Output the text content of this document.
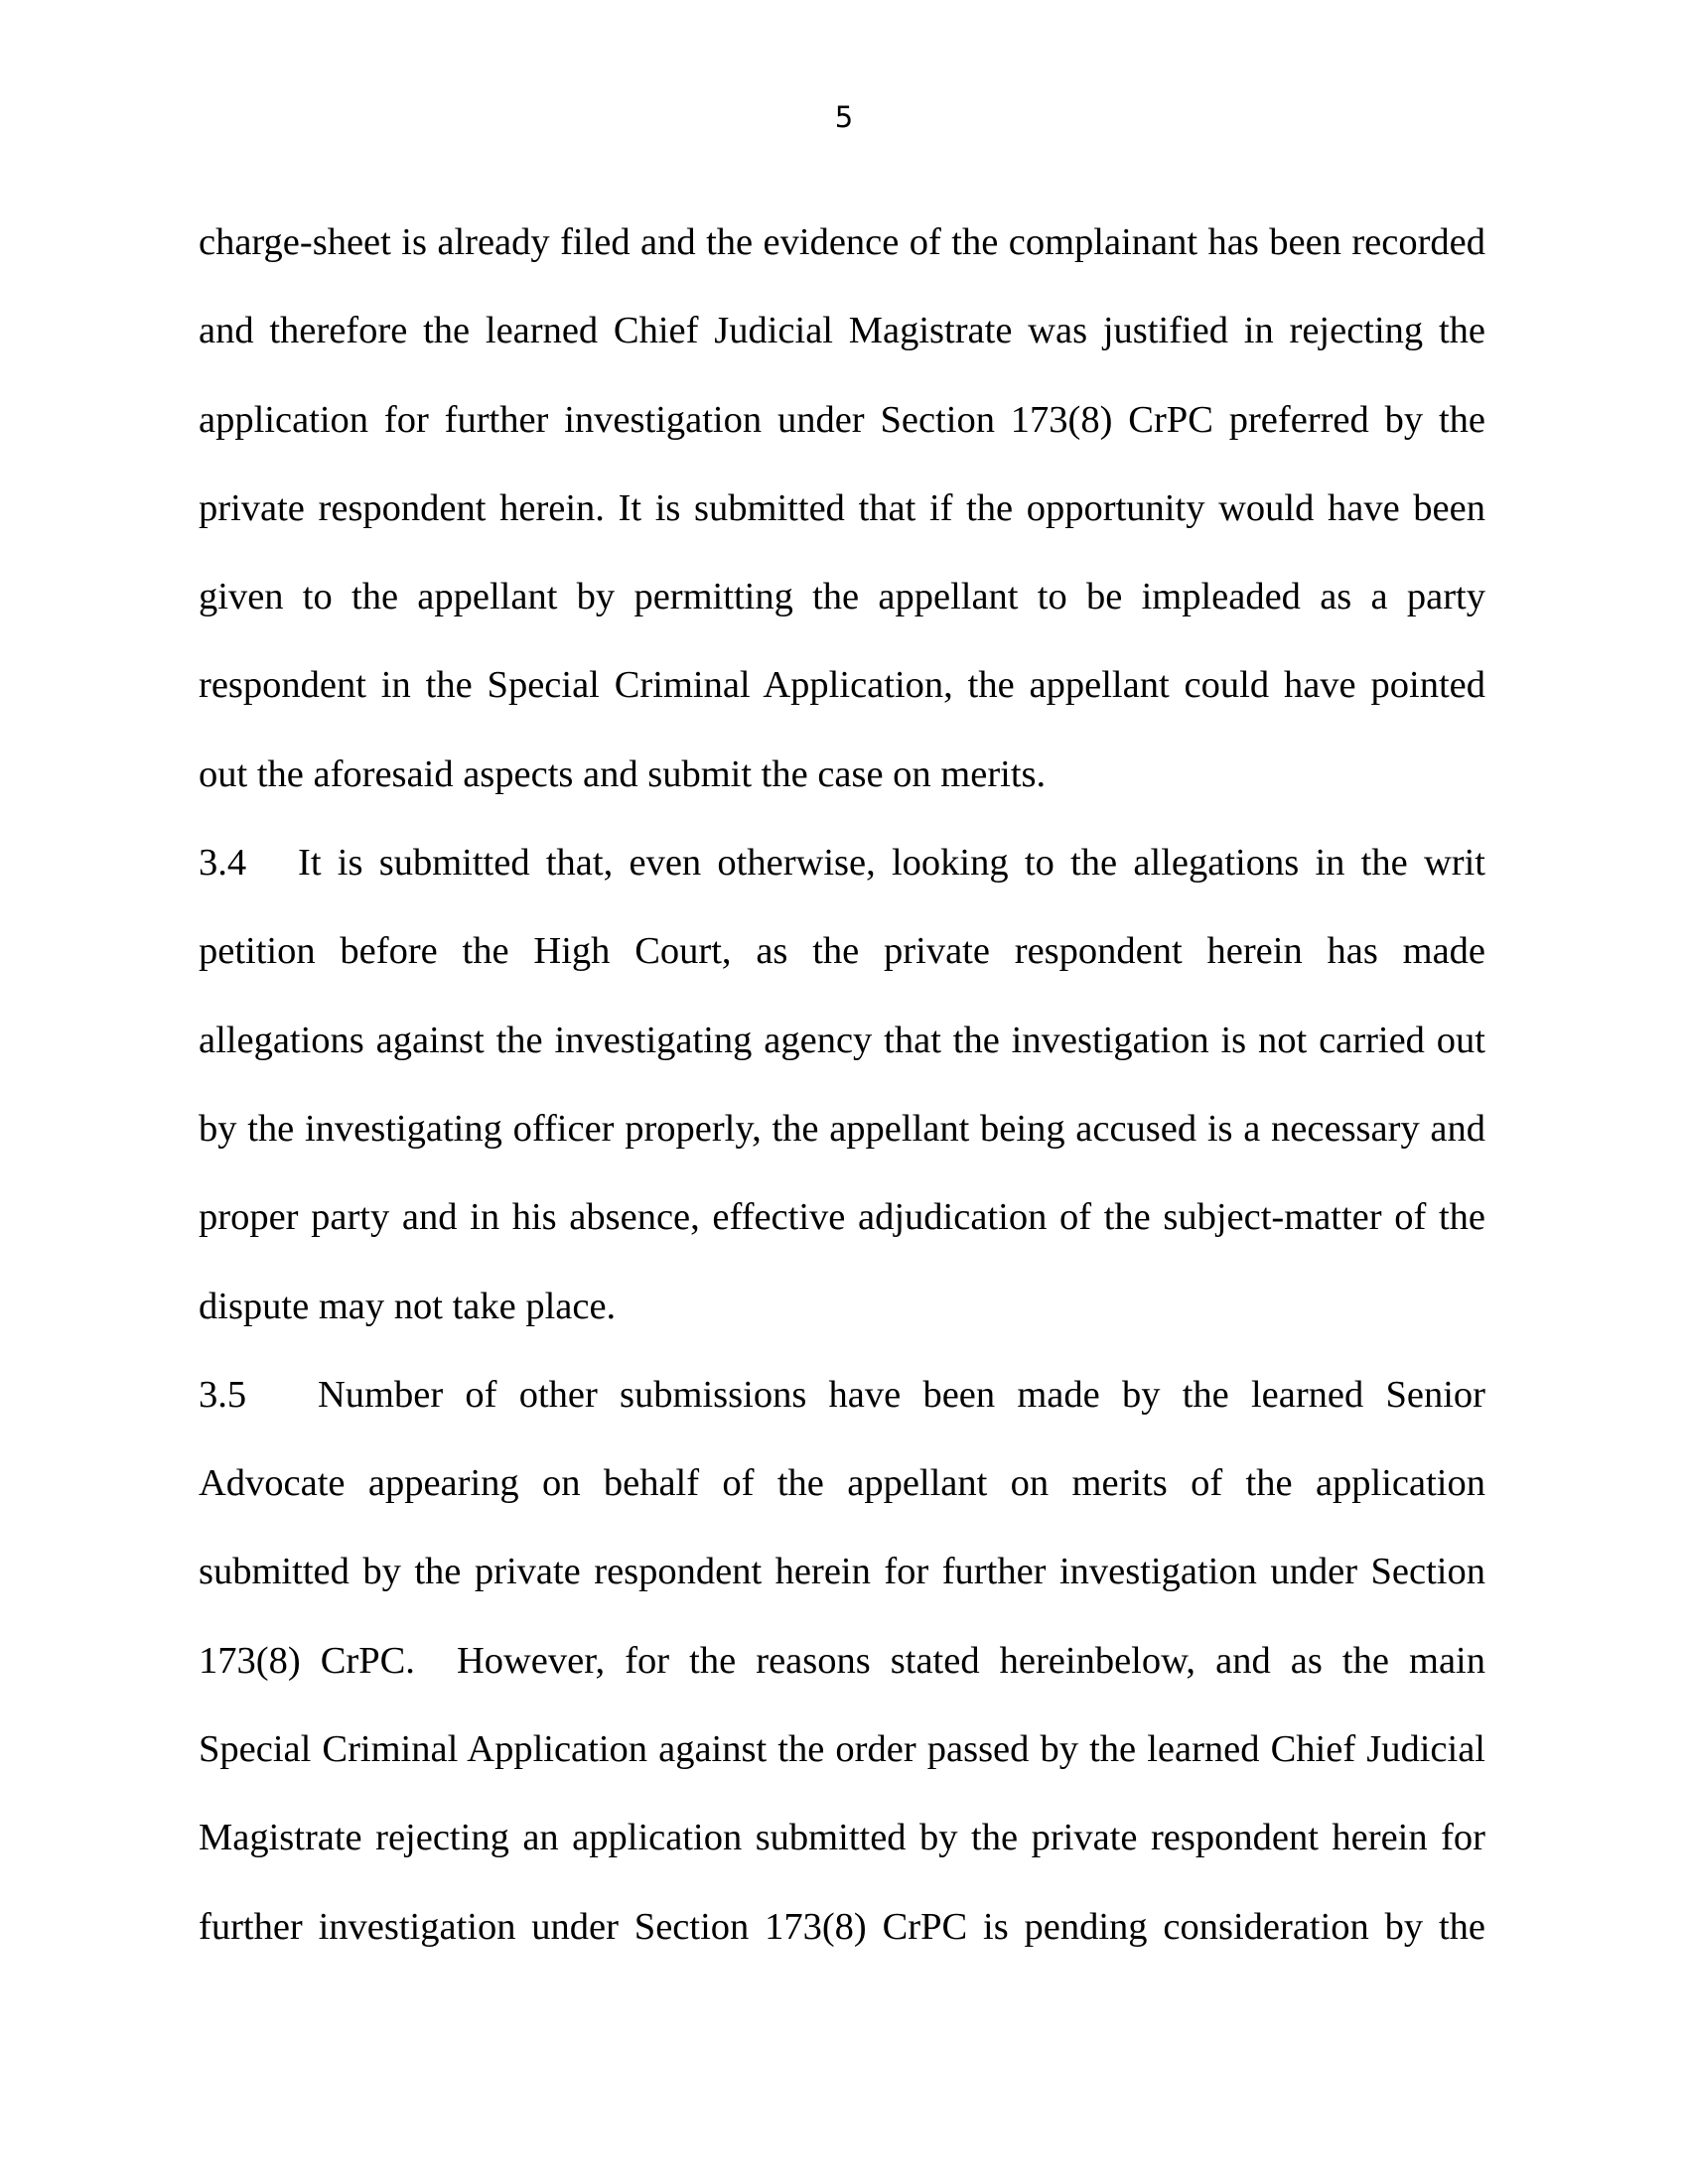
5
charge-sheet is already filed and the evidence of the complainant has been recorded
and therefore the learned Chief Judicial Magistrate was justified in rejecting the
application for further investigation under Section 173(8) CrPC preferred by the
private respondent herein. It is submitted that if the opportunity would have been
given to the appellant by permitting the appellant to be impleaded as a party
respondent in the Special Criminal Application, the appellant could have pointed
out the aforesaid aspects and submit the case on merits.
3.4 It is submitted that, even otherwise, looking to the allegations in the writ
petition before the High Court, as the private respondent herein has made
allegations against the investigating agency that the investigation is not carried out
by the investigating officer properly, the appellant being accused is a necessary and
proper party and in his absence, effective adjudication of the subject-matter of the
dispute may not take place.
3.5 Number of other submissions have been made by the learned Senior
Advocate appearing on behalf of the appellant on merits of the application
submitted by the private respondent herein for further investigation under Section
173(8) CrPC. However, for the reasons stated hereinbelow, and as the main
Special Criminal Application against the order passed by the learned Chief Judicial
Magistrate rejecting an application submitted by the private respondent herein for
further investigation under Section 173(8) CrPC is pending consideration by the
